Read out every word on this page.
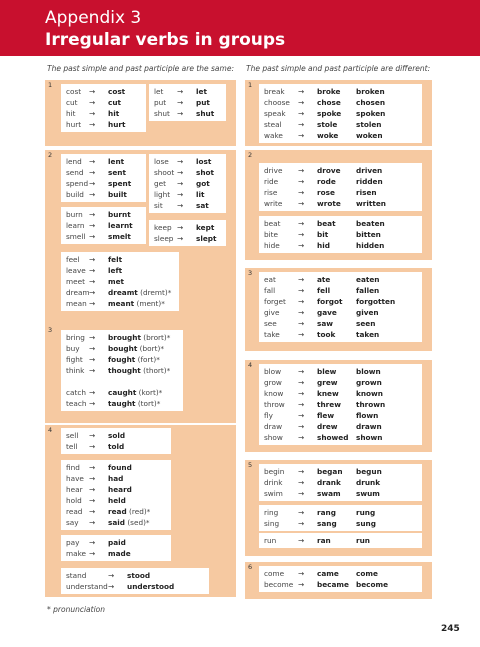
Appendix 3
Irregular verbs in groups
The past simple and past participle are the same: The past simple and past participle are different:
1
cost → cost
cut → cut
hit → hit
hurt → hurt
let → let
put → put
shut → shut
2
lend → lent
send → sent
spend → spent
build → built
lose → lost
shoot → shot
get → got
light → lit
sit → sat
burn → burnt
learn → learnt
smell → smelt
keep → kept
sleep → slept
feel → felt
leave → left
meet → met
dream → dreamt (dremt)*
mean → meant (ment)*
3
bring → brought (brort)*
buy → bought (bort)*
fight → fought (fort)*
think → thought (thort)*
catch → caught (kort)*
teach → taught (tort)*
4
sell → sold
tell → told
find → found
have → had
hear → heard
hold → held
read → read (red)*
say → said (sed)*
pay → paid
make → made
stand	→ stood
understand → understood
1
break → broke broken
choose → chose chosen
speak → spoke spoken
steal → stole	stolen
wake → woke woken
2
drive → drove driven
ride	→ rode	ridden
rise	→ rose	risen
write → wrote written
beat → beat	beaten
bite	→ bit	bitten
hide → hid	hidden
3
eat	→ ate	eaten
fall	→ fell	fallen
forget → forgot forgotten
give	→ gave	given
see	→ saw	seen
take → took	taken
4
blow → blew	blown
grow → grew	grown
know → knew known
throw → threw thrown
fly	→ flew	flown
draw → drew	drawn
show → showed shown
5
begin → began begun
drink → drank drunk
swim → swam swum
ring	→ rang	rung
sing	→ sang	sung
run	→ ran	run
6
come → came come
become → became become
* pronunciation
245
